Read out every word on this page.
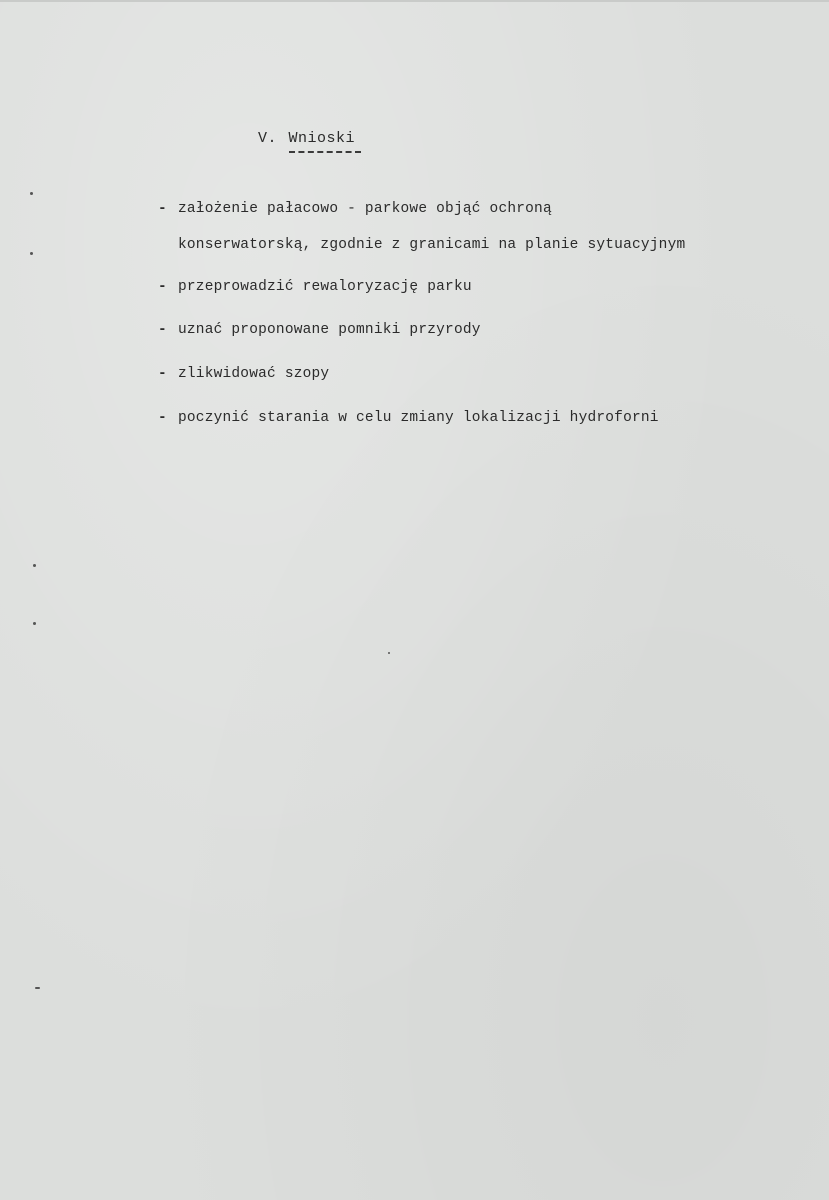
V. Wnioski
- założenie pałacowo - parkowe objąć ochroną
konserwatorską, zgodnie z granicami na planie sytuacyjnym
- przeprowadzić rewaloryzację parku
- uznać proponowane pomniki przyrody
- zlikwidować szopy
- poczynić starania w celu zmiany lokalizacji hydroforni
